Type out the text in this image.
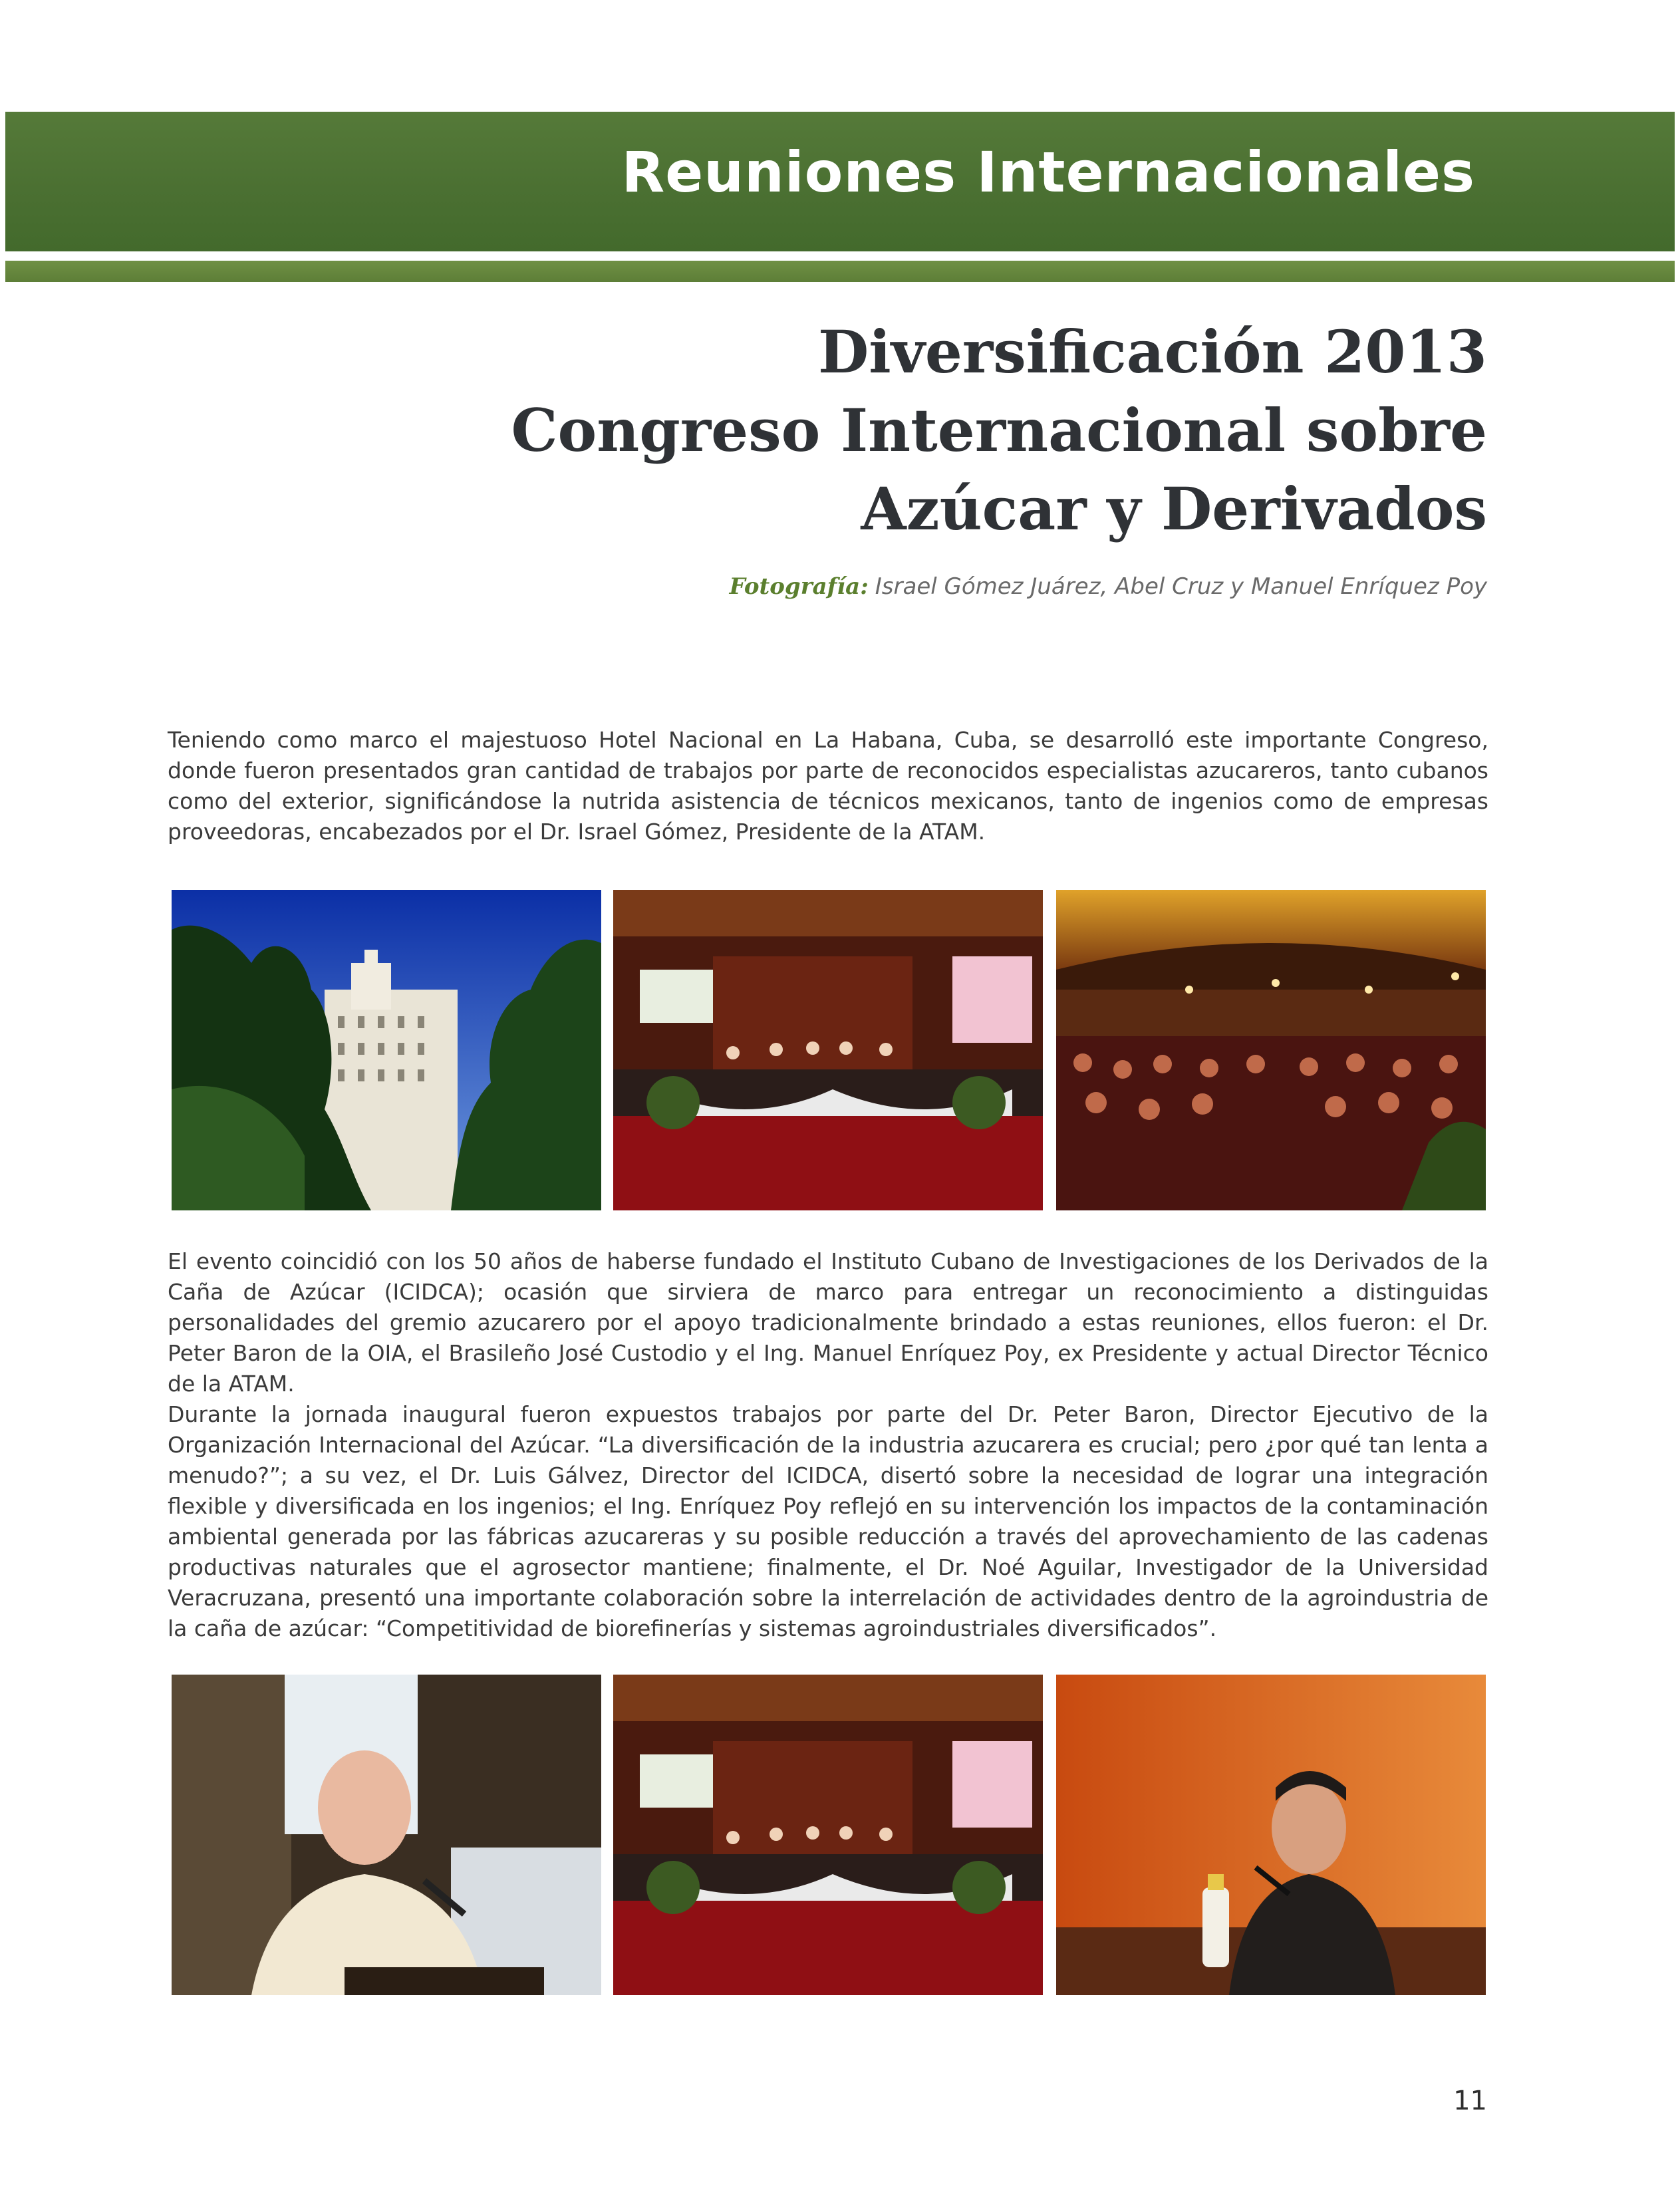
Reuniones Internacionales
Diversificación 2013
Congreso Internacional sobre
Azúcar y Derivados
Fotografía: Israel Gómez Juárez, Abel Cruz y Manuel Enríquez Poy

Teniendo como marco el majestuoso Hotel Nacional en La Habana, Cuba, se desarrolló este importante Congreso, donde fueron presentados gran cantidad de trabajos por parte de reconocidos especialistas azucareros, tanto cubanos como del exterior, significándose la nutrida asistencia de técnicos mexicanos, tanto de ingenios como de empresas proveedoras, encabezados por el Dr. Israel Gómez, Presidente de la ATAM.

El evento coincidió con los 50 años de haberse fundado el Instituto Cubano de Investigaciones de los Derivados de la Caña de Azúcar (ICIDCA); ocasión que sirviera de marco para entregar un reconocimiento a distinguidas personalidades del gremio azucarero por el apoyo tradicionalmente brindado a estas reuniones, ellos fueron: el Dr. Peter Baron de la OIA, el Brasileño José Custodio y el Ing. Manuel Enríquez Poy, ex Presidente y actual Director Técnico de la ATAM.

Durante la jornada inaugural fueron expuestos trabajos por parte del Dr. Peter Baron, Director Ejecutivo de la Organización Internacional del Azúcar. “La diversificación de la industria azucarera es crucial; pero ¿por qué tan lenta a menudo?”; a su vez, el Dr. Luis Gálvez, Director del ICIDCA, disertó sobre la necesidad de lograr una integración flexible y diversificada en los ingenios; el Ing. Enríquez Poy reflejó en su intervención los impactos de la contaminación ambiental generada por las fábricas azucareras y su posible reducción a través del aprovechamiento de las cadenas productivas naturales que el agrosector mantiene; finalmente, el Dr. Noé Aguilar, Investigador de la Universidad Veracruzana, presentó una importante colaboración sobre la interrelación de actividades dentro de la agroindustria de la caña de azúcar: “Competitividad de biorefinerías y sistemas agroindustriales diversificados”.

11
